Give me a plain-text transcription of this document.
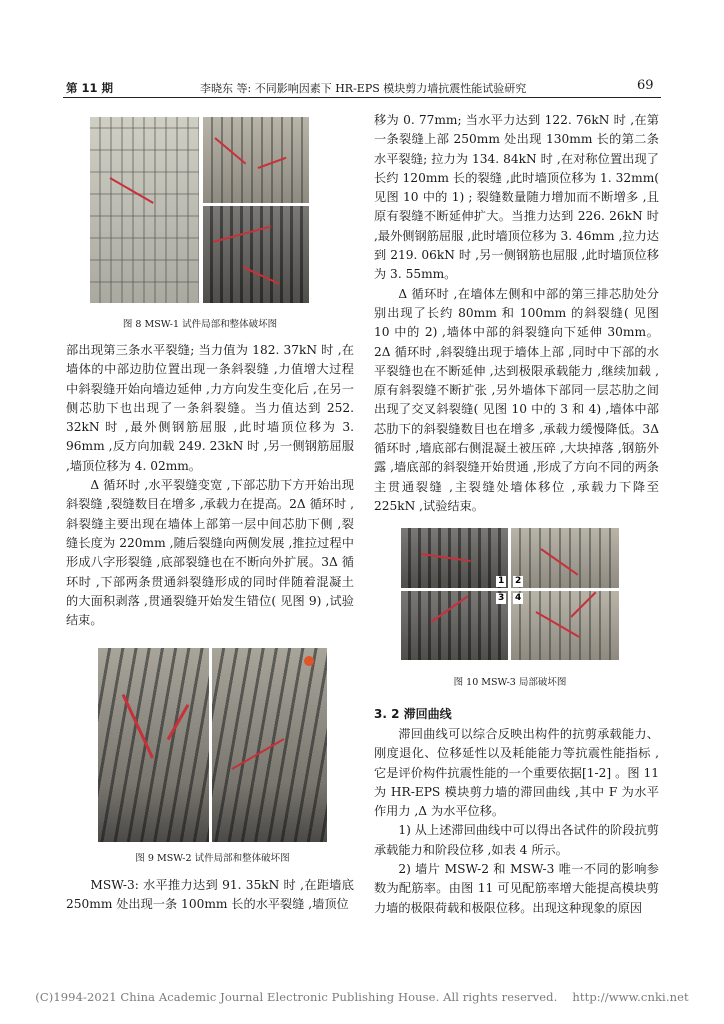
第 11 期	李晓东 等: 不同影响因素下 HR-EPS 模块剪力墙抗震性能试验研究	69
图 8 MSW-1 试件局部和整体破坏图

部出现第三条水平裂缝; 当力值为 182. 37kN 时 ,在墙体的中部边肋位置出现一条斜裂缝 ,力值增大过程中斜裂缝开始向墙边延伸 ,力方向发生变化后 ,在另一侧芯肋下也出现了一条斜裂缝。当力值达到 252. 32kN 时 ,最外侧钢筋屈服 ,此时墙顶位移为 3. 96mm ,反方向加载 249. 23kN 时 ,另一侧钢筋屈服 ,墙顶位移为 4. 02mm。

Δ 循环时 ,水平裂缝变宽 ,下部芯肋下方开始出现斜裂缝 ,裂缝数目在增多 ,承载力在提高。2Δ 循环时 ,斜裂缝主要出现在墙体上部第一层中间芯肋下侧 ,裂缝长度为 220mm ,随后裂缝向两侧发展 ,推拉过程中形成八字形裂缝 ,底部裂缝也在不断向外扩展。3Δ 循环时 ,下部两条贯通斜裂缝形成的同时伴随着混凝土的大面积剥落 ,贯通裂缝开始发生错位( 见图 9) ,试验结束。

图 9 MSW-2 试件局部和整体破坏图

MSW-3: 水平推力达到 91. 35kN 时 ,在距墙底 250mm 处出现一条 100mm 长的水平裂缝 ,墙顶位

移为 0. 77mm; 当水平力达到 122. 76kN 时 ,在第一条裂缝上部 250mm 处出现 130mm 长的第二条水平裂缝; 拉力为 134. 84kN 时 ,在对称位置出现了长约 120mm 长的裂缝 ,此时墙顶位移为 1. 32mm( 见图 10 中的 1) ; 裂缝数量随力增加而不断增多 ,且原有裂缝不断延伸扩大。当推力达到 226. 26kN 时 ,最外侧钢筋屈服 ,此时墙顶位移为 3. 46mm ,拉力达到 219. 06kN 时 ,另一侧钢筋也屈服 ,此时墙顶位移为 3. 55mm。

Δ 循环时 ,在墙体左侧和中部的第三排芯肋处分别出现了长约 80mm 和 100mm 的斜裂缝( 见图 10 中的 2) ,墙体中部的斜裂缝向下延伸 30mm。2Δ 循环时 ,斜裂缝出现于墙体上部 ,同时中下部的水平裂缝也在不断延伸 ,达到极限承载能力 ,继续加载 ,原有斜裂缝不断扩张 ,另外墙体下部同一层芯肋之间出现了交叉斜裂缝( 见图 10 中的 3 和 4) ,墙体中部芯肋下的斜裂缝数目也在增多 ,承载力缓慢降低。3Δ 循环时 ,墙底部右侧混凝土被压碎 ,大块掉落 ,钢筋外露 ,墙底部的斜裂缝开始贯通 ,形成了方向不同的两条主贯通裂缝 ,主裂缝处墙体移位 ,承载力下降至 225kN ,试验结束。

1 2
3 4
图 10 MSW-3 局部破坏图
3. 2 滞回曲线

滞回曲线可以综合反映出构件的抗剪承载能力、刚度退化、位移延性以及耗能能力等抗震性能指标 ,它是评价构件抗震性能的一个重要依据[1-2] 。图 11 为 HR-EPS 模块剪力墙的滞回曲线 ,其中 F 为水平作用力 ,Δ 为水平位移。

1) 从上述滞回曲线中可以得出各试件的阶段抗剪承载能力和阶段位移 ,如表 4 所示。

2) 墙片 MSW-2 和 MSW-3 唯一不同的影响参数为配筋率。由图 11 可见配筋率增大能提高模块剪力墙的极限荷载和极限位移。出现这种现象的原因

(C)1994-2021 China Academic Journal Electronic Publishing House. All rights reserved.    http://www.cnki.net
